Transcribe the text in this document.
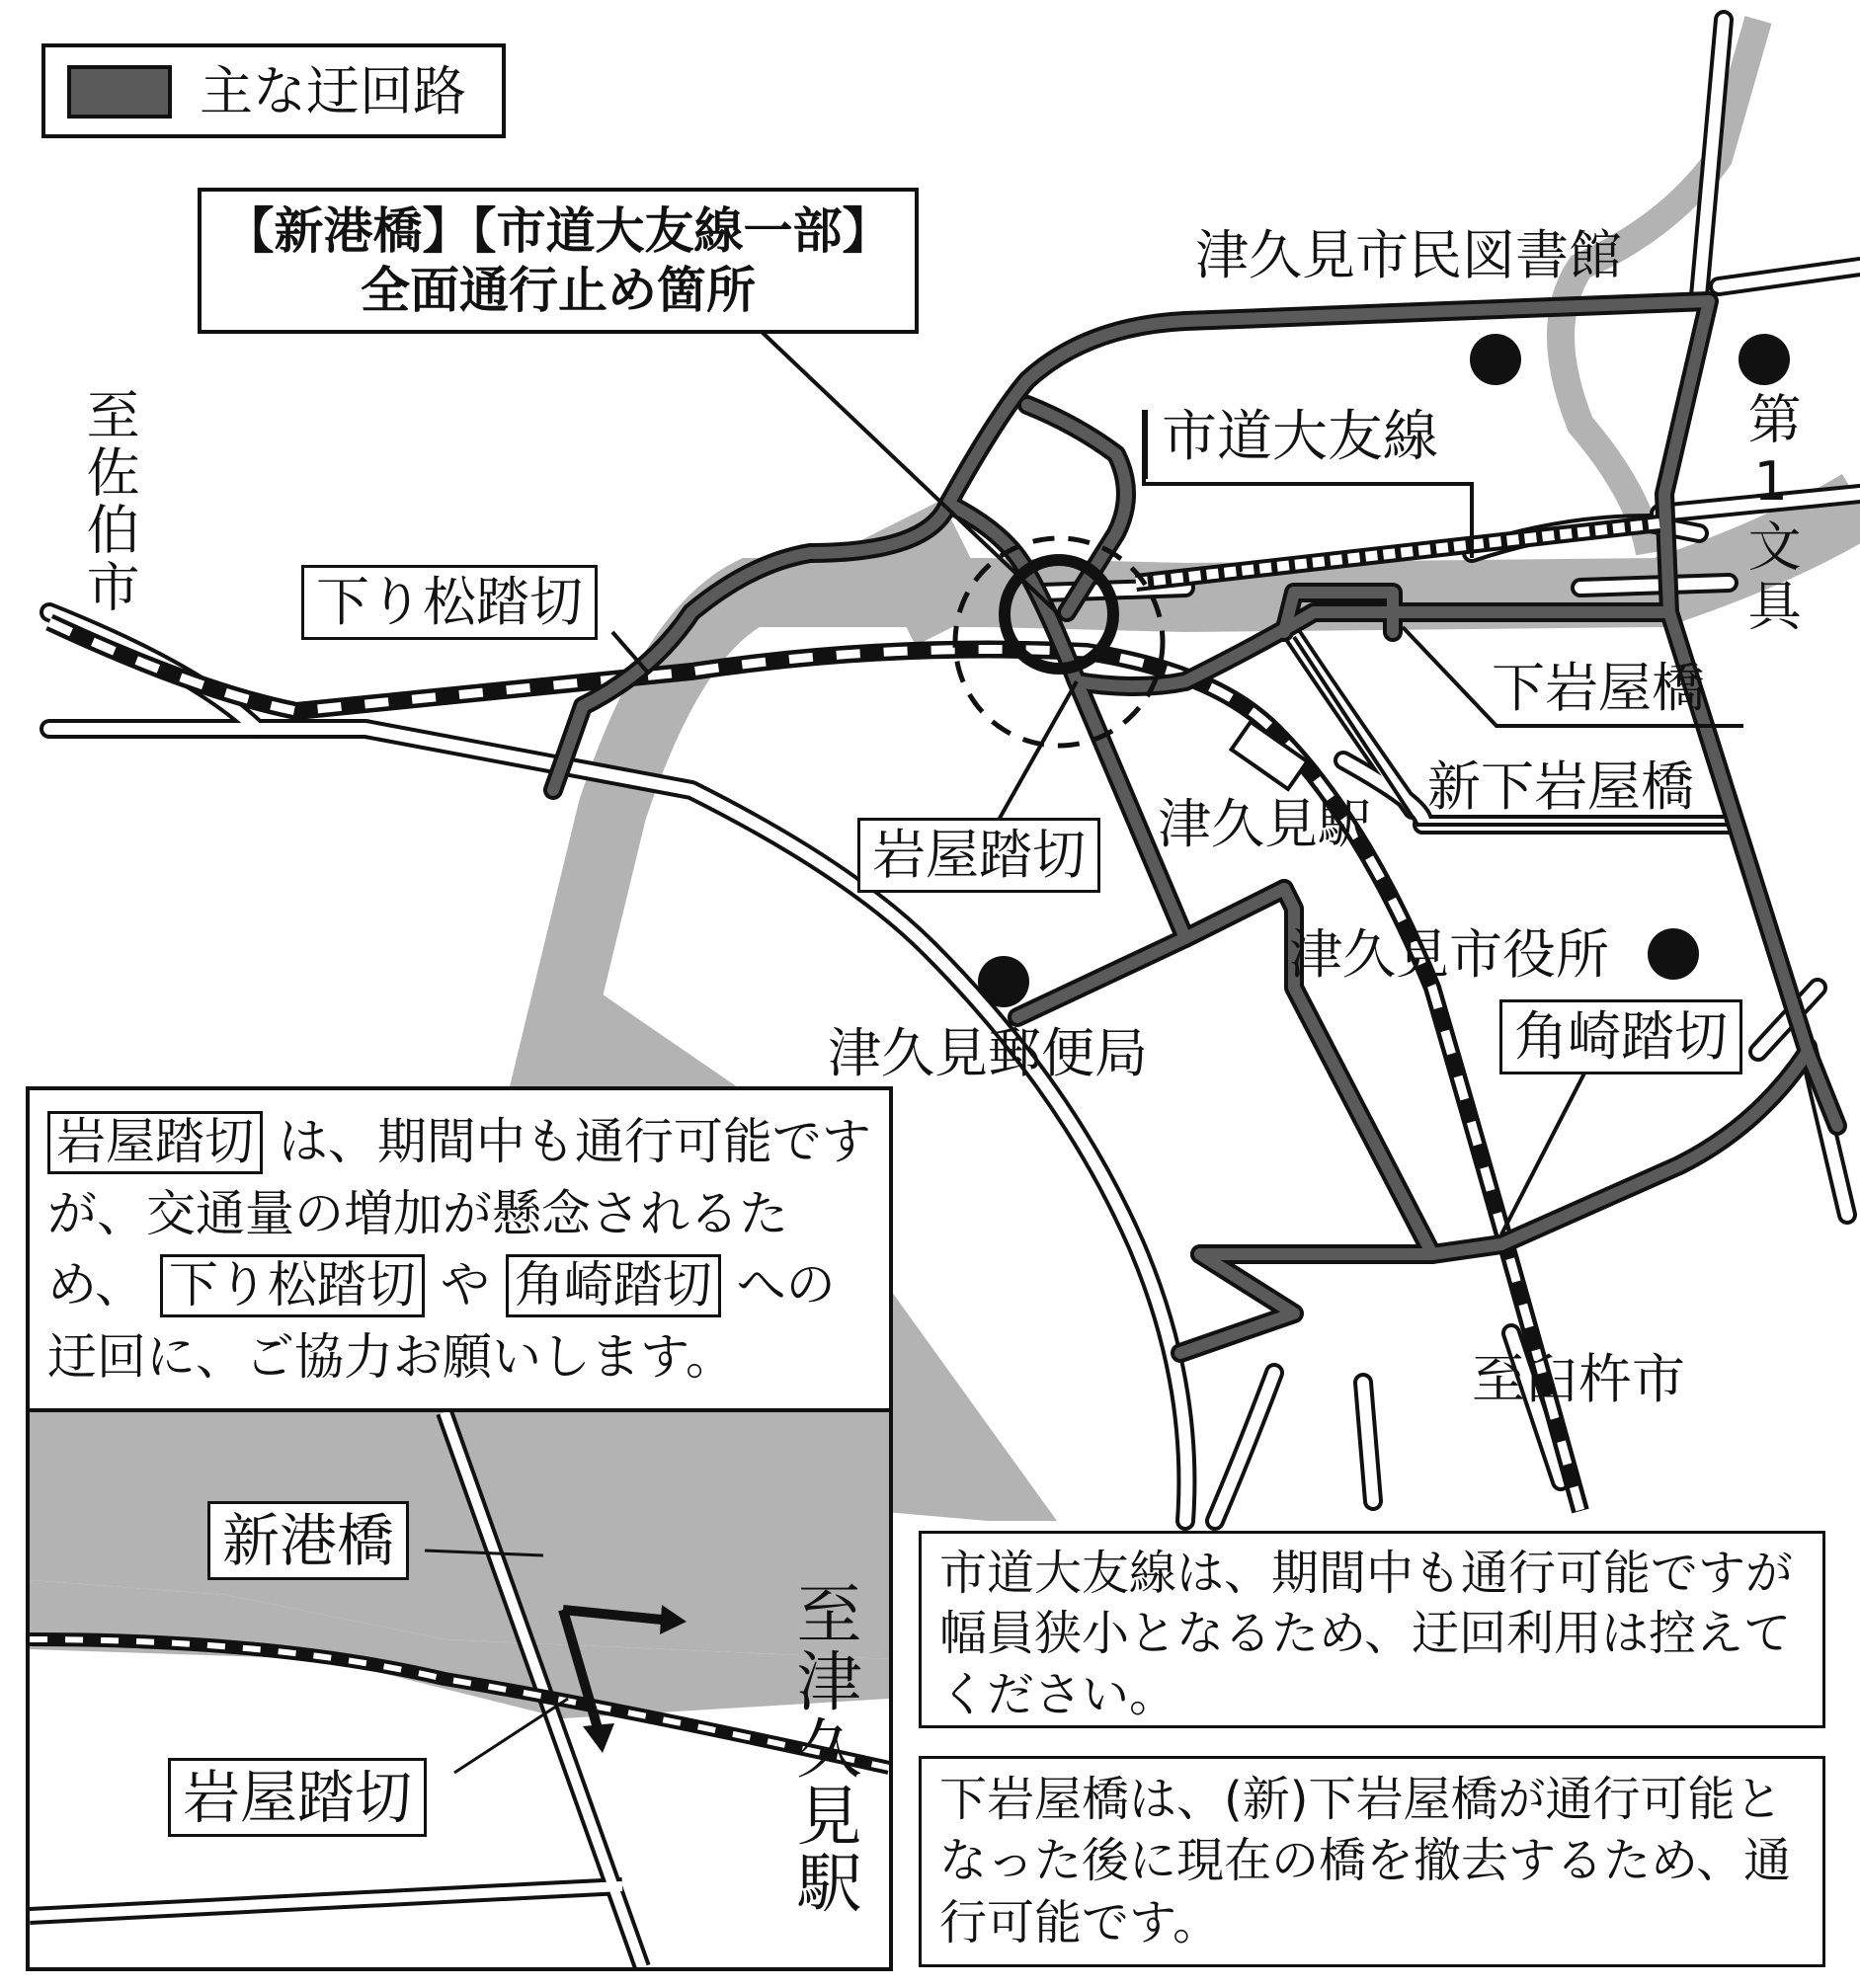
主な迂回路
【新港橋】【市道大友線一部】
全面通行止め箇所
津久見市民図書館
市道大友線
至佐伯市	第1文具
下り松踏切
下岩屋橋
新下岩屋橋
津久見駅
岩屋踏切
津久見市役所
角崎踏切
津久見郵便局
至臼杵市
岩屋踏切 は、期間中も通行可能ですが、交通量の増加が懸念されるため、 下り松踏切 や 角崎踏切 への迂回に、ご協力お願いします。
新港橋
岩屋踏切	至津久見駅
市道大友線は、期間中も通行可能ですが幅員狭小となるため、迂回利用は控えてください。
下岩屋橋は、(新)下岩屋橋が通行可能となった後に現在の橋を撤去するため、通行可能です。
